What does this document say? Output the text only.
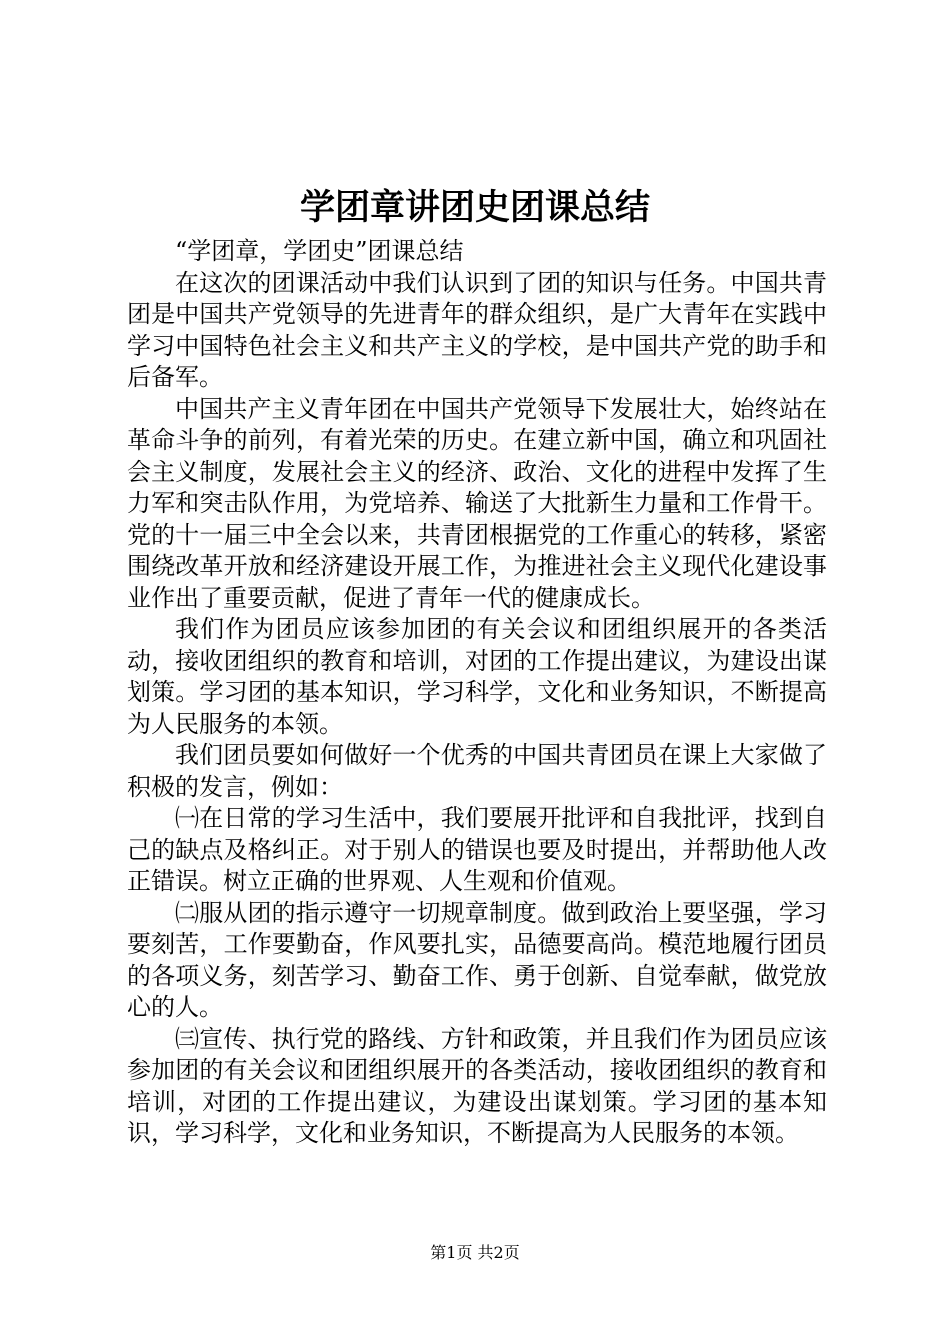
学团章讲团史团课总结

“学团章，学团史”团课总结

在这次的团课活动中我们认识到了团的知识与任务。中国共青团是中国共产党领导的先进青年的群众组织，是广大青年在实践中学习中国特色社会主义和共产主义的学校，是中国共产党的助手和后备军。

中国共产主义青年团在中国共产党领导下发展壮大，始终站在革命斗争的前列，有着光荣的历史。在建立新中国，确立和巩固社会主义制度，发展社会主义的经济、政治、文化的进程中发挥了生力军和突击队作用，为党培养、输送了大批新生力量和工作骨干。党的十一届三中全会以来，共青团根据党的工作重心的转移，紧密围绕改革开放和经济建设开展工作，为推进社会主义现代化建设事业作出了重要贡献，促进了青年一代的健康成长。

我们作为团员应该参加团的有关会议和团组织展开的各类活动，接收团组织的教育和培训，对团的工作提出建议，为建设出谋划策。学习团的基本知识，学习科学，文化和业务知识，不断提高为人民服务的本领。

我们团员要如何做好一个优秀的中国共青团员在课上大家做了积极的发言，例如：

㈠在日常的学习生活中，我们要展开批评和自我批评，找到自己的缺点及格纠正。对于别人的错误也要及时提出，并帮助他人改正错误。树立正确的世界观、人生观和价值观。

㈡服从团的指示遵守一切规章制度。做到政治上要坚强，学习要刻苦，工作要勤奋，作风要扎实，品德要高尚。模范地履行团员的各项义务，刻苦学习、勤奋工作、勇于创新、自觉奉献，做党放心的人。

㈢宣传、执行党的路线、方针和政策，并且我们作为团员应该参加团的有关会议和团组织展开的各类活动，接收团组织的教育和培训，对团的工作提出建议，为建设出谋划策。学习团的基本知识，学习科学，文化和业务知识，不断提高为人民服务的本领。

第1页 共2页
